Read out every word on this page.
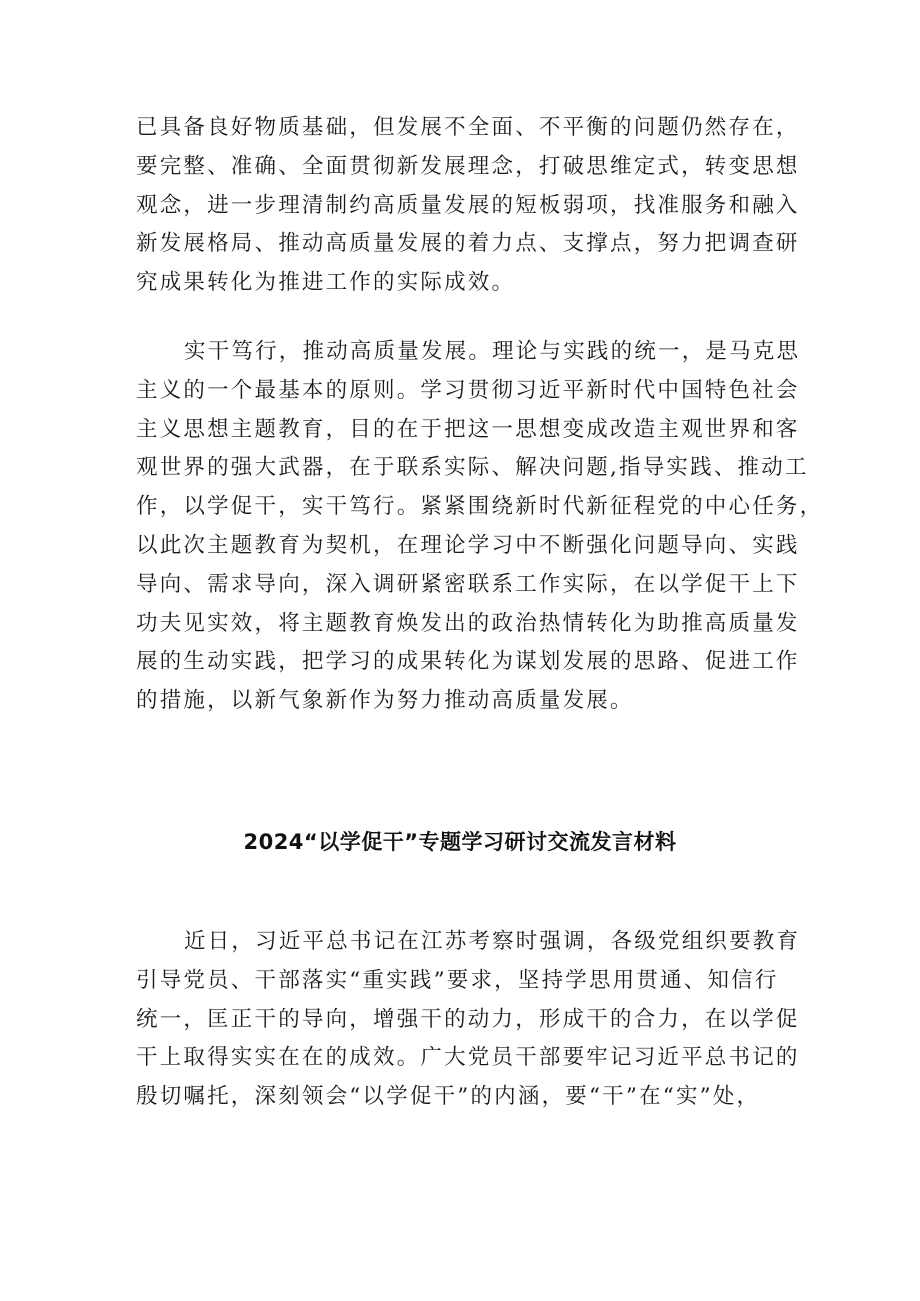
已具备良好物质基础，但发展不全面、不平衡的问题仍然存在，
要完整、准确、全面贯彻新发展理念，打破思维定式，转变思想
观念，进一步理清制约高质量发展的短板弱项，找准服务和融入
新发展格局、推动高质量发展的着力点、支撑点，努力把调查研
究成果转化为推进工作的实际成效。
实干笃行，推动高质量发展。理论与实践的统一，是马克思
主义的一个最基本的原则。学习贯彻习近平新时代中国特色社会
主义思想主题教育，目的在于把这一思想变成改造主观世界和客
观世界的强大武器，在于联系实际、解决问题,指导实践、推动工
作，以学促干，实干笃行。紧紧围绕新时代新征程党的中心任务，
以此次主题教育为契机，在理论学习中不断强化问题导向、实践
导向、需求导向，深入调研紧密联系工作实际，在以学促干上下
功夫见实效，将主题教育焕发出的政治热情转化为助推高质量发
展的生动实践，把学习的成果转化为谋划发展的思路、促进工作
的措施，以新气象新作为努力推动高质量发展。
2024“以学促干”专题学习研讨交流发言材料
近日，习近平总书记在江苏考察时强调，各级党组织要教育
引导党员、干部落实“重实践”要求，坚持学思用贯通、知信行
统一，匡正干的导向，增强干的动力，形成干的合力，在以学促
干上取得实实在在的成效。广大党员干部要牢记习近平总书记的
殷切嘱托，深刻领会“以学促干”的内涵，要“干”在“实”处，
